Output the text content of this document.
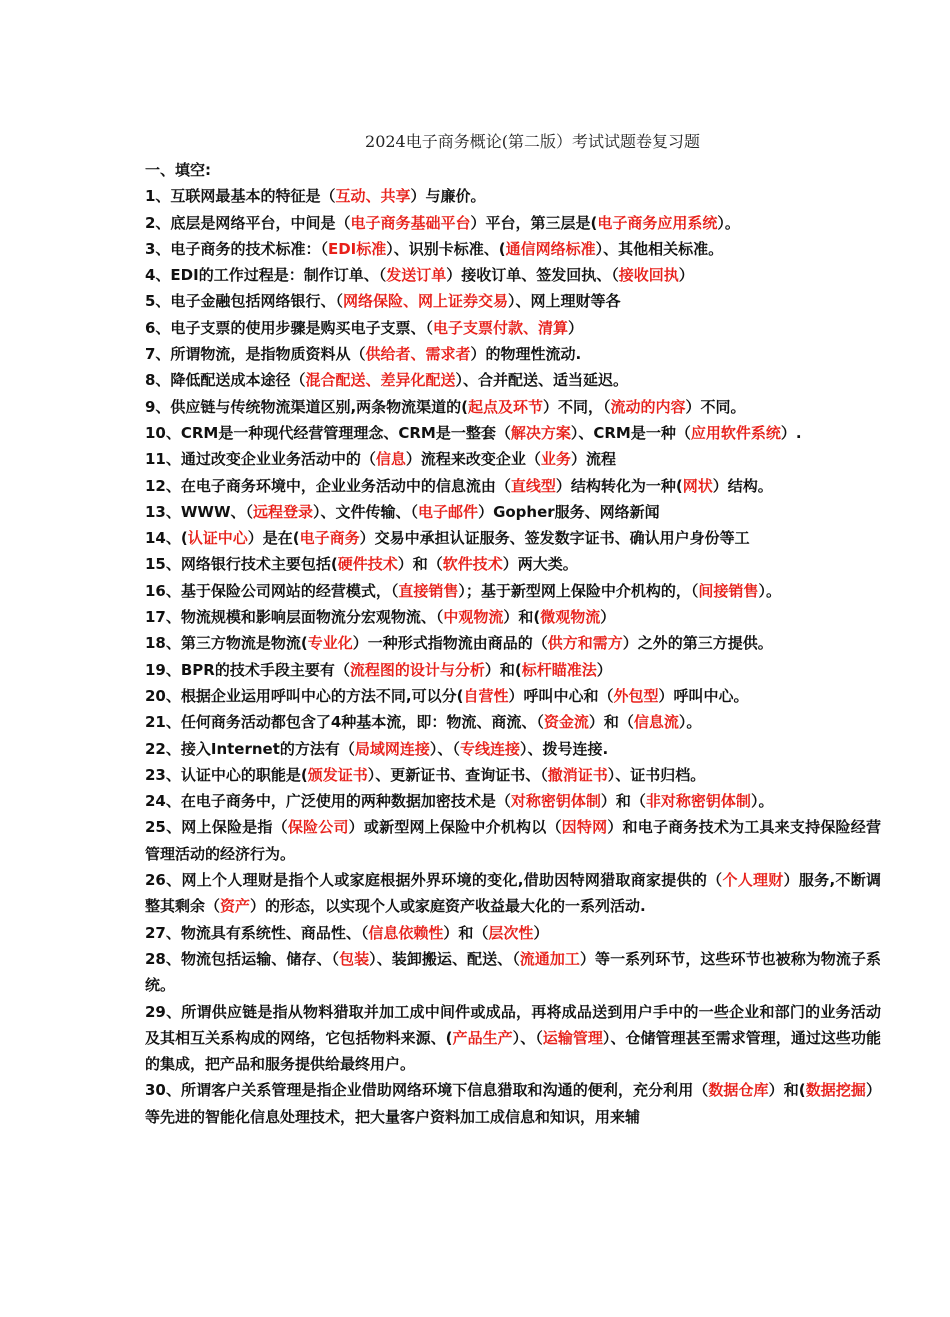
2024电子商务概论(第二版）考试试题卷复习题

一、填空:

1、互联网最基本的特征是（互动、共享）与廉价。

2、底层是网络平台，中间是（电子商务基础平台）平台，第三层是(电子商务应用系统）。

3、电子商务的技术标准：（EDI标准）、识别卡标准、(通信网络标准）、其他相关标准。

4、EDI的工作过程是：制作订单、（发送订单）接收订单、签发回执、（接收回执）

5、电子金融包括网络银行、（网络保险、网上证券交易）、网上理财等各

6、电子支票的使用步骤是购买电子支票、（电子支票付款、清算）

7、所谓物流，是指物质资料从（供给者、需求者）的物理性流动.

8、降低配送成本途径（混合配送、差异化配送）、合并配送、适当延迟。

9、供应链与传统物流渠道区别,两条物流渠道的(起点及环节）不同，（流动的内容）不同。

10、CRM是一种现代经营管理理念、CRM是一整套（解决方案）、CRM是一种（应用软件系统）.

11、通过改变企业业务活动中的（信息）流程来改变企业（业务）流程

12、在电子商务环境中，企业业务活动中的信息流由（直线型）结构转化为一种(网状）结构。

13、WWW、（远程登录）、文件传输、（电子邮件）Gopher服务、网络新闻

14、(认证中心）是在(电子商务）交易中承担认证服务、签发数字证书、确认用户身份等工

15、网络银行技术主要包括(硬件技术）和（软件技术）两大类。

16、基于保险公司网站的经营模式，（直接销售）；基于新型网上保险中介机构的，（间接销售）。

17、物流规模和影响层面物流分宏观物流、（中观物流）和(微观物流）

18、第三方物流是物流(专业化）一种形式指物流由商品的（供方和需方）之外的第三方提供。

19、BPR的技术手段主要有（流程图的设计与分析）和(标杆瞄准法）

20、根据企业运用呼叫中心的方法不同,可以分(自营性）呼叫中心和（外包型）呼叫中心。

21、任何商务活动都包含了4种基本流，即：物流、商流、（资金流）和（信息流）。

22、接入Internet的方法有（局域网连接）、（专线连接）、拨号连接.

23、认证中心的职能是(颁发证书）、更新证书、查询证书、（撤消证书）、证书归档。

24、在电子商务中，广泛使用的两种数据加密技术是（对称密钥体制）和（非对称密钥体制）。

25、网上保险是指（保险公司）或新型网上保险中介机构以（因特网）和电子商务技术为工具来支持保险经营管理活动的经济行为。

26、网上个人理财是指个人或家庭根据外界环境的变化,借助因特网猎取商家提供的（个人理财）服务,不断调整其剩余（资产）的形态，以实现个人或家庭资产收益最大化的一系列活动.

27、物流具有系统性、商品性、（信息依赖性）和（层次性）

28、物流包括运输、储存、（包装）、装卸搬运、配送、（流通加工）等一系列环节，这些环节也被称为物流子系统。

29、所谓供应链是指从物料猎取并加工成中间件或成品，再将成品送到用户手中的一些企业和部门的业务活动及其相互关系构成的网络，它包括物料来源、(产品生产）、（运输管理）、仓储管理甚至需求管理，通过这些功能的集成，把产品和服务提供给最终用户。

30、所谓客户关系管理是指企业借助网络环境下信息猎取和沟通的便利，充分利用（数据仓库）和(数据挖掘）等先进的智能化信息处理技术，把大量客户资料加工成信息和知识，用来辅
